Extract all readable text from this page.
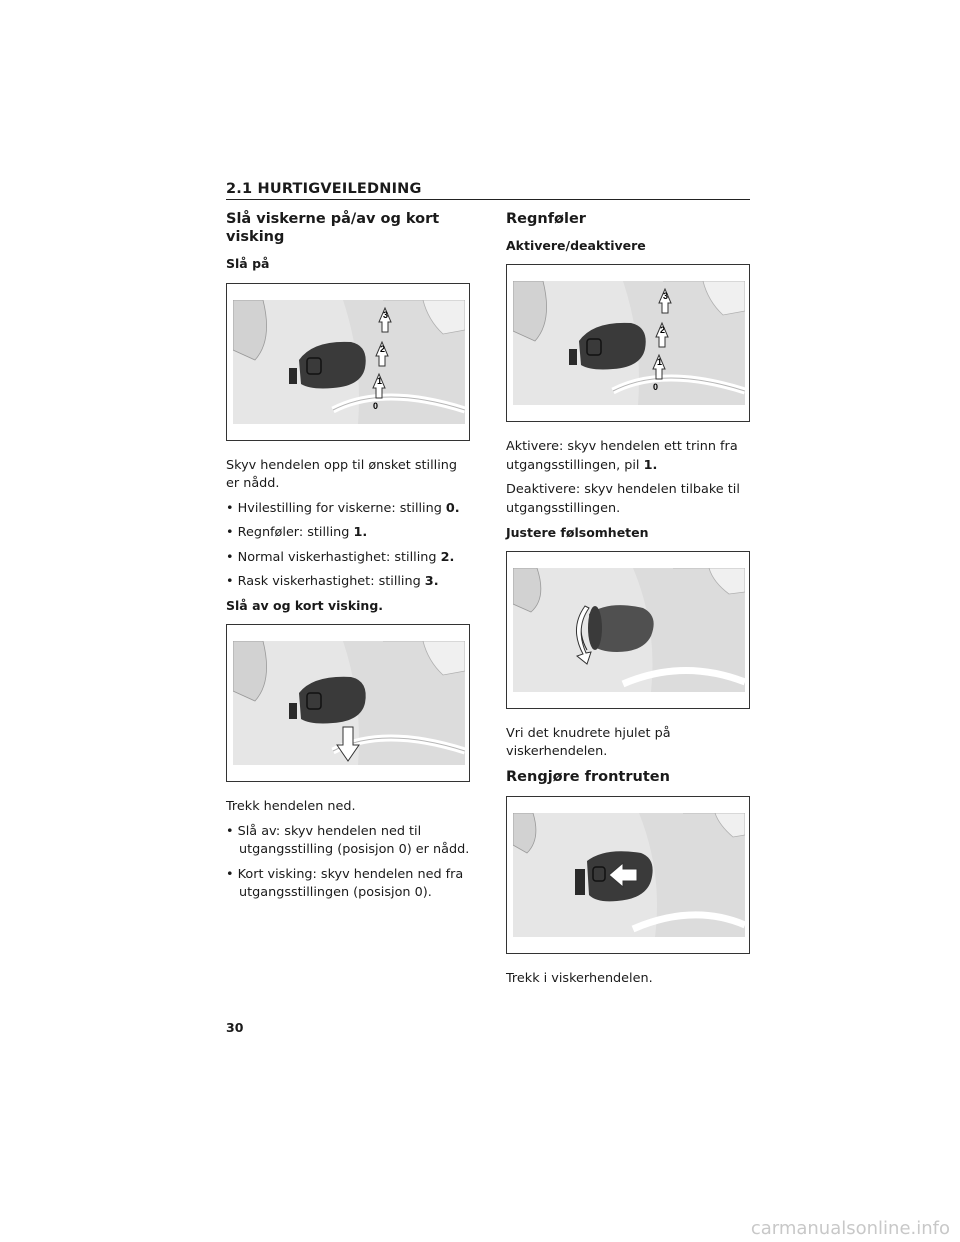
2.1 HURTIGVEILEDNING
Slå viskerne på/av og kort visking
Slå på
3
2
1
0

Skyv hendelen opp til ønsket stilling er nådd.

• Hvilestilling for viskerne: stilling 0.
• Regnføler: stilling 1.
• Normal viskerhastighet: stilling 2.
• Rask viskerhastighet: stilling 3.
Slå av og kort visking.

Trekk hendelen ned.

• Slå av: skyv hendelen ned til utgangsstilling (posisjon 0) er nådd.
• Kort visking: skyv hendelen ned fra utgangsstillingen (posisjon 0).
Regnføler
Aktivere/deaktivere
3
2
1
0

Aktivere: skyv hendelen ett trinn fra utgangsstillingen, pil 1.

Deaktivere: skyv hendelen tilbake til utgangsstillingen.

Justere følsomheten

Vri det knudrete hjulet på viskerhendelen.

Rengjøre frontruten

Trekk i viskerhendelen.

30
carmanualsonline.info
